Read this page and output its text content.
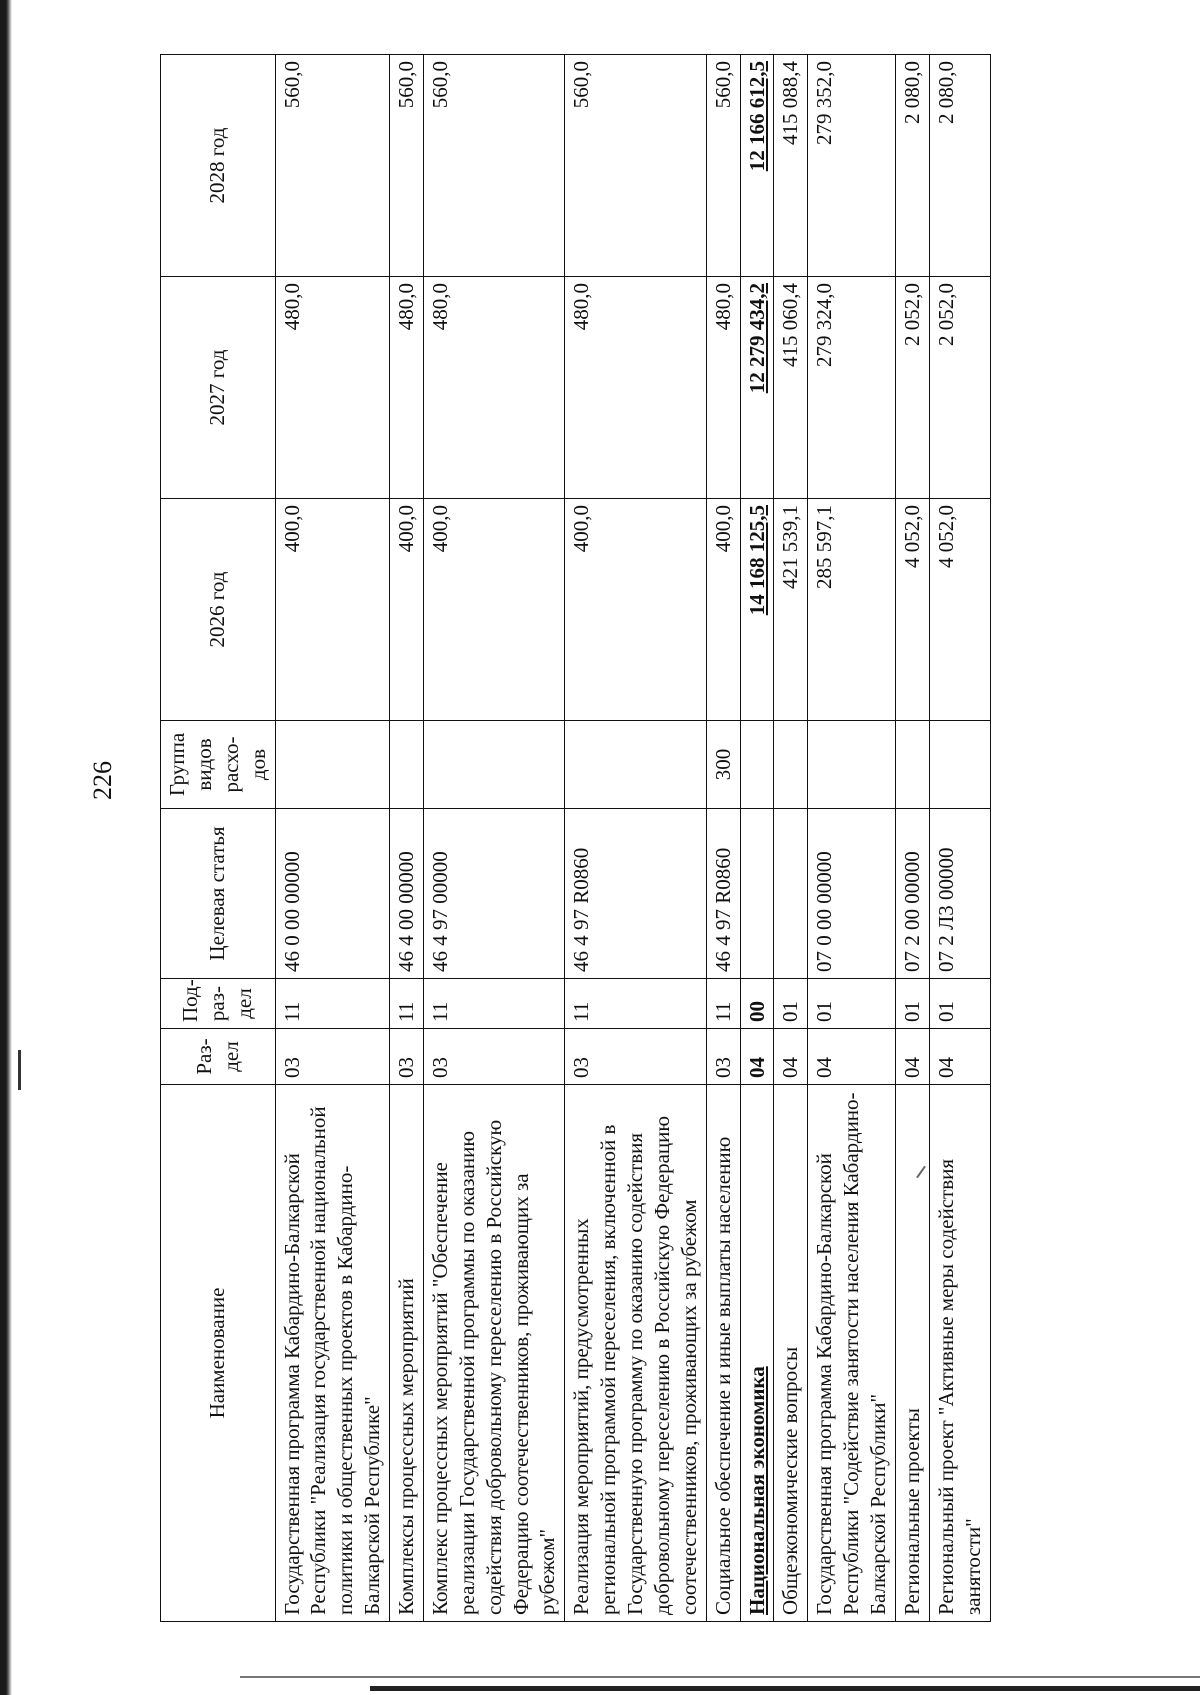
226
Наименование	Раз-дел	Под-раз-дел	Целевая статья	Группа видов расхо-дов	2026 год	2027 год	2028 год
Государственная программа Кабардино-Балкарской Республики "Реализация государственной национальной политики и общественных проектов в Кабардино-Балкарской Республике"	03	11	46 0 00 00000		400,0	480,0	560,0
Комплексы процессных мероприятий	03	11	46 4 00 00000		400,0	480,0	560,0
Комплекс процессных мероприятий "Обеспечение реализации Государственной программы по оказанию содействия добровольному переселению в Российскую Федерацию соотечественников, проживающих за рубежом"	03	11	46 4 97 00000		400,0	480,0	560,0
Реализация мероприятий, предусмотренных региональной программой переселения, включенной в Государственную программу по оказанию содействия добровольному переселению в Российскую Федерацию соотечественников, проживающих за рубежом	03	11	46 4 97 R0860		400,0	480,0	560,0
Социальное обеспечение и иные выплаты населению	03	11	46 4 97 R0860	300	400,0	480,0	560,0
Национальная экономика	04	00			14 168 125,5	12 279 434,2	12 166 612,5
Общеэкономические вопросы	04	01			421 539,1	415 060,4	415 088,4
Государственная программа Кабардино-Балкарской Республики "Содействие занятости населения Кабардино-Балкарской Республики"	04	01	07 0 00 00000		285 597,1	279 324,0	279 352,0
Региональные проекты	04	01	07 2 00 00000		4 052,0	2 052,0	2 080,0
Региональный проект "Активные меры содействия занятости"	04	01	07 2 Л3 00000		4 052,0	2 052,0	2 080,0
